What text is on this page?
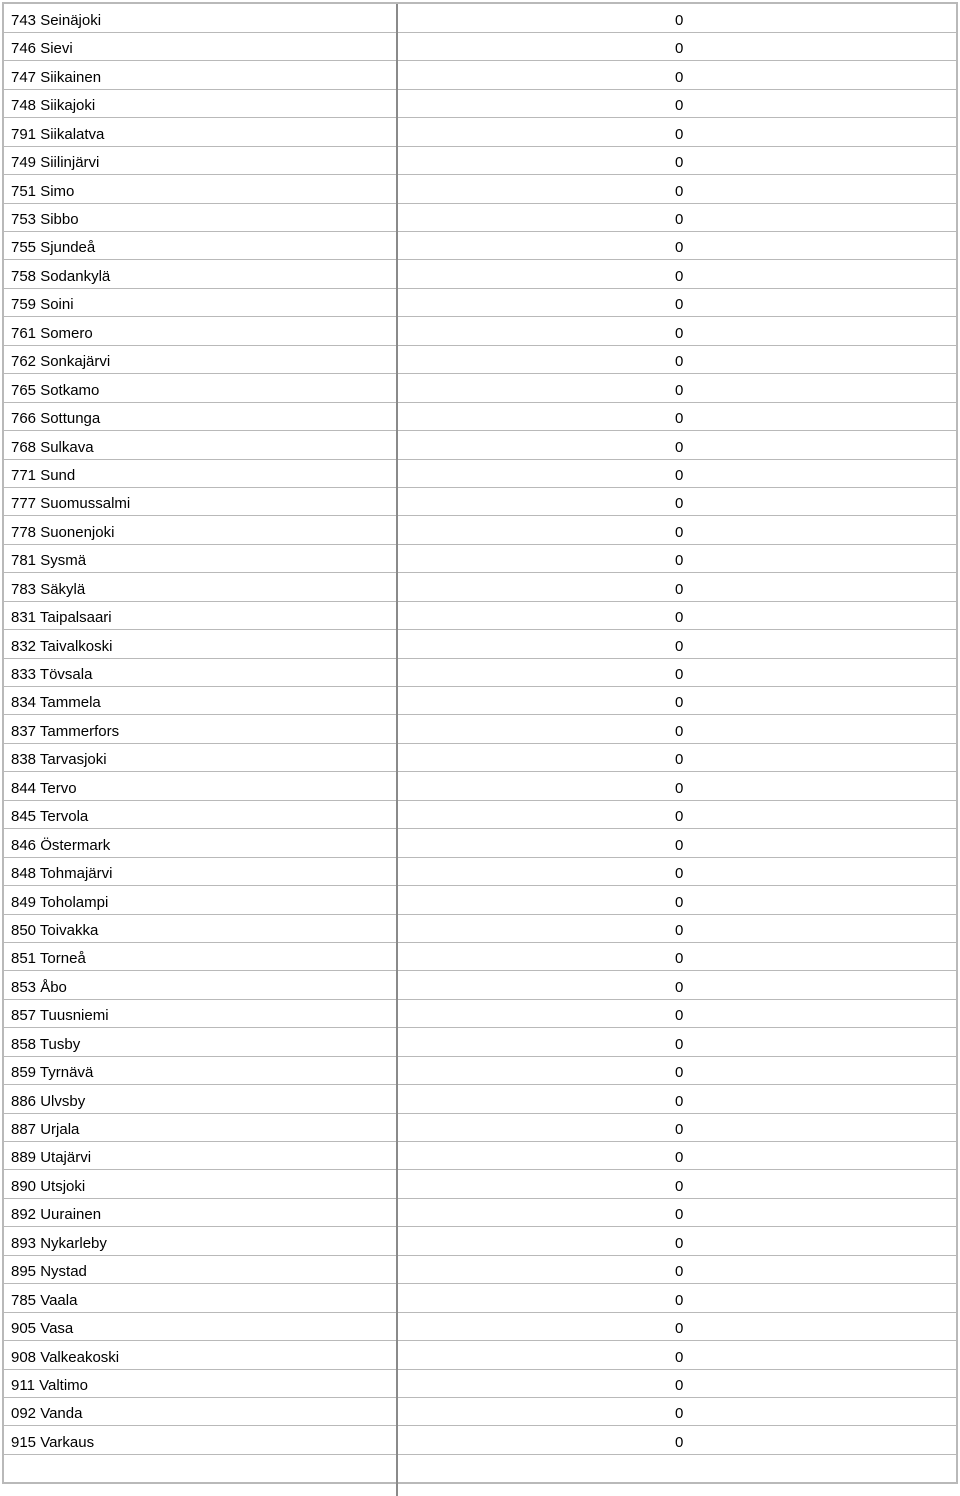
743 Seinäjoki	0
746 Sievi	0
747 Siikainen	0
748 Siikajoki	0
791 Siikalatva	0
749 Siilinjärvi	0
751 Simo	0
753 Sibbo	0
755 Sjundeå	0
758 Sodankylä	0
759 Soini	0
761 Somero	0
762 Sonkajärvi	0
765 Sotkamo	0
766 Sottunga	0
768 Sulkava	0
771 Sund	0
777 Suomussalmi	0
778 Suonenjoki	0
781 Sysmä	0
783 Säkylä	0
831 Taipalsaari	0
832 Taivalkoski	0
833 Tövsala	0
834 Tammela	0
837 Tammerfors	0
838 Tarvasjoki	0
844 Tervo	0
845 Tervola	0
846 Östermark	0
848 Tohmajärvi	0
849 Toholampi	0
850 Toivakka	0
851 Torneå	0
853 Åbo	0
857 Tuusniemi	0
858 Tusby	0
859 Tyrnävä	0
886 Ulvsby	0
887 Urjala	0
889 Utajärvi	0
890 Utsjoki	0
892 Uurainen	0
893 Nykarleby	0
895 Nystad	0
785 Vaala	0
905 Vasa	0
908 Valkeakoski	0
911 Valtimo	0
092 Vanda	0
915 Varkaus	0
